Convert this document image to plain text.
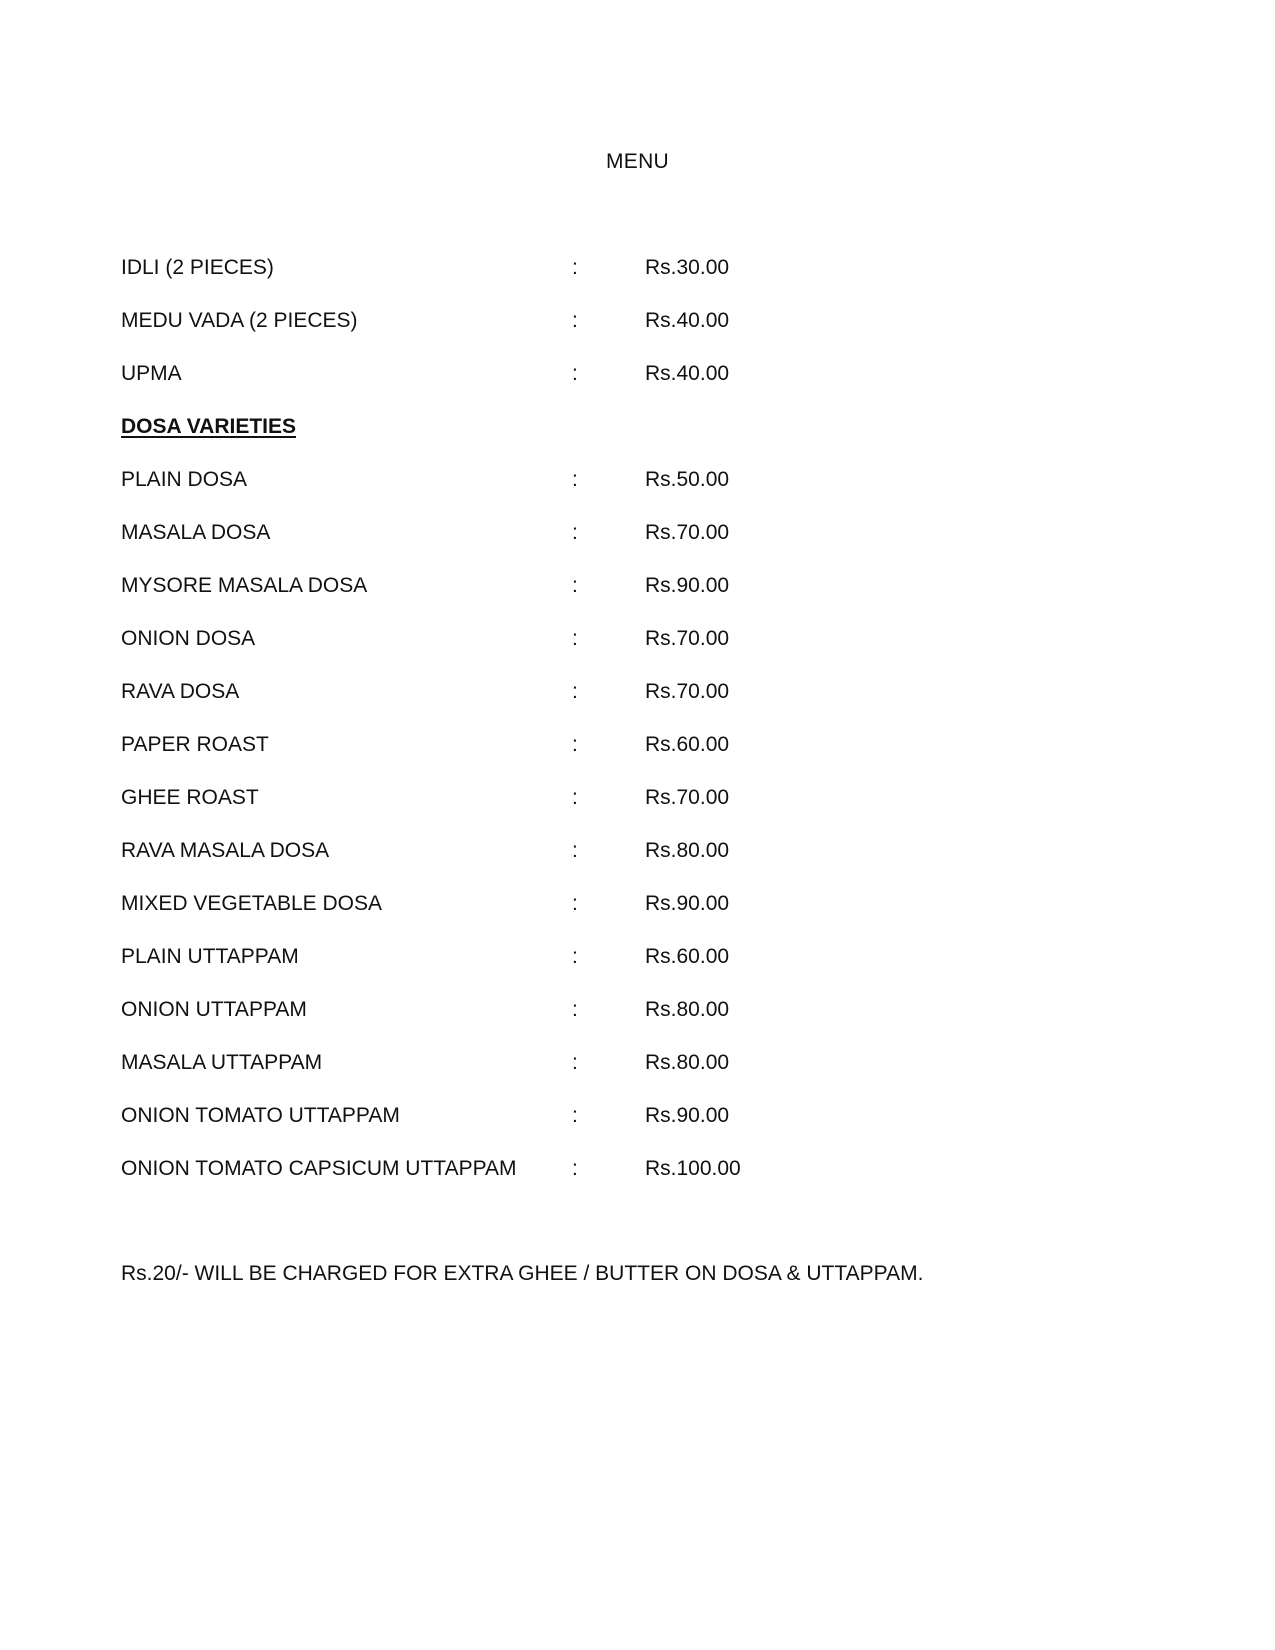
MENU
IDLI (2 PIECES)	:	Rs.30.00
MEDU VADA (2 PIECES)	:	Rs.40.00
UPMA	:	Rs.40.00
DOSA VARIETIES
PLAIN DOSA	:	Rs.50.00
MASALA DOSA	:	Rs.70.00
MYSORE MASALA DOSA	:	Rs.90.00
ONION DOSA	:	Rs.70.00
RAVA DOSA	:	Rs.70.00
PAPER ROAST	:	Rs.60.00
GHEE ROAST	:	Rs.70.00
RAVA MASALA DOSA	:	Rs.80.00
MIXED VEGETABLE DOSA	:	Rs.90.00
PLAIN UTTAPPAM	:	Rs.60.00
ONION UTTAPPAM	:	Rs.80.00
MASALA UTTAPPAM	:	Rs.80.00
ONION TOMATO UTTAPPAM	:	Rs.90.00
ONION TOMATO CAPSICUM UTTAPPAM	:	Rs.100.00
Rs.20/- WILL BE CHARGED FOR EXTRA GHEE / BUTTER ON DOSA & UTTAPPAM.
